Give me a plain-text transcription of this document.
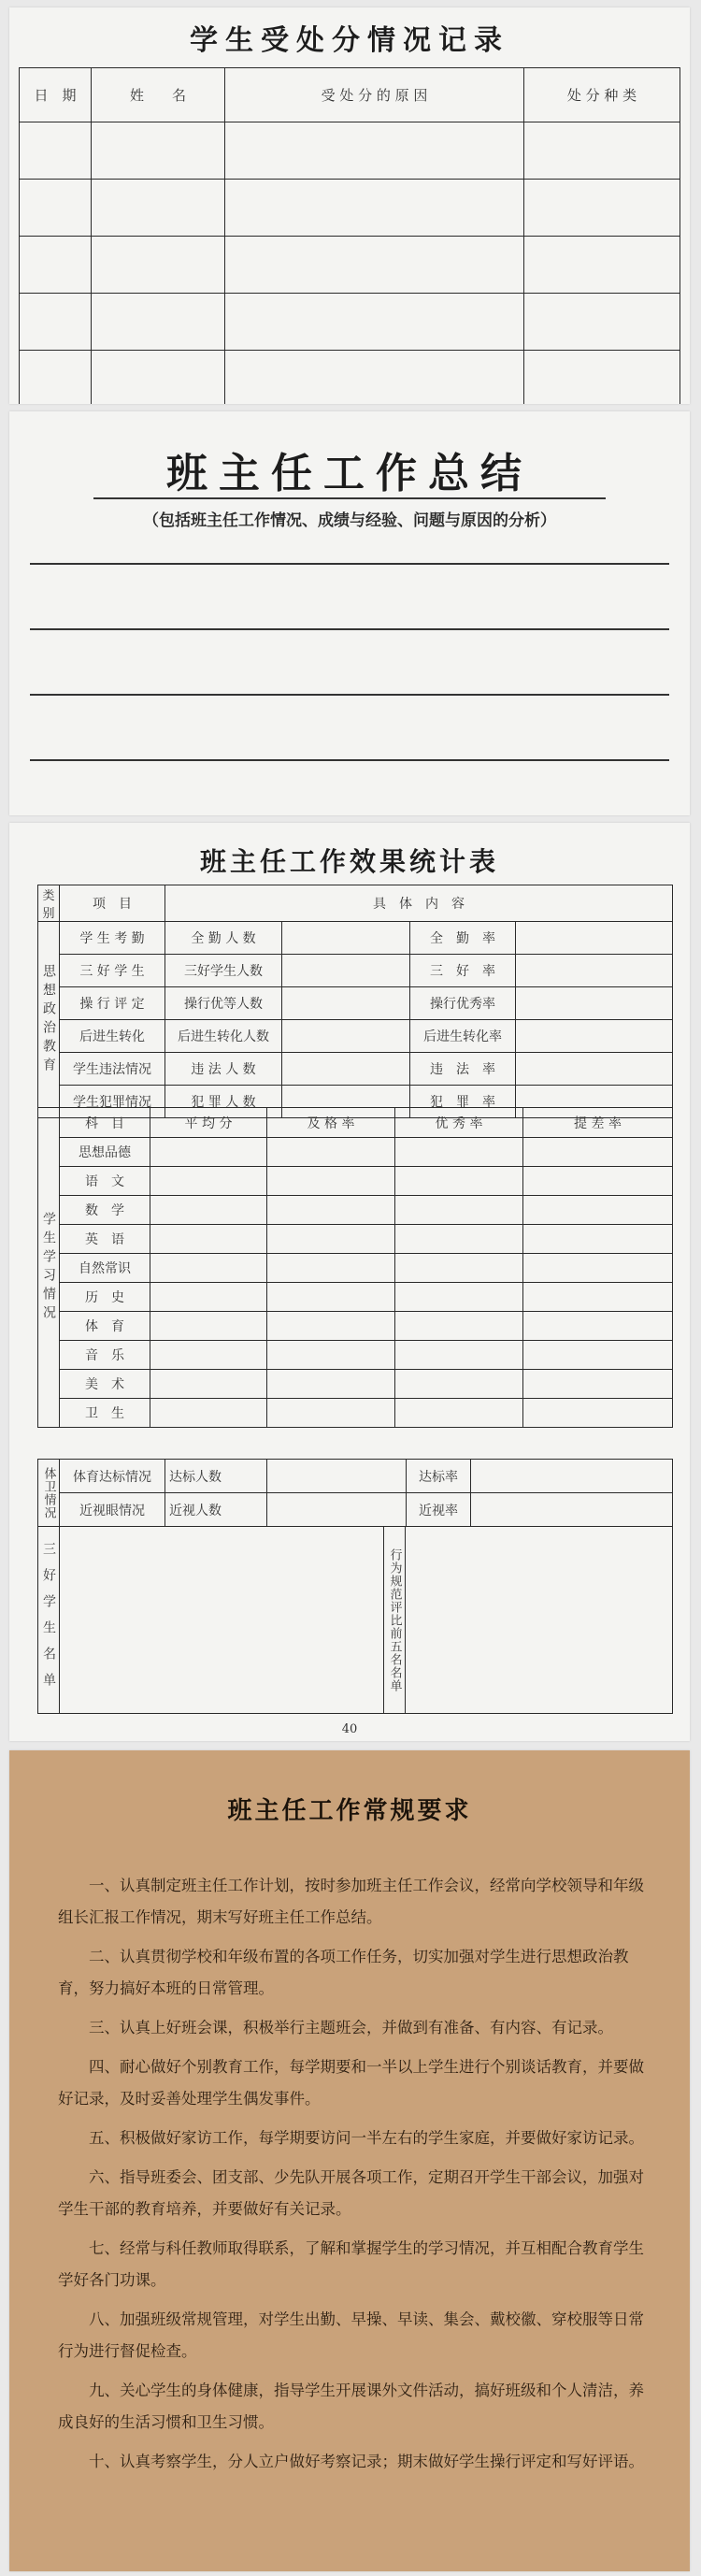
学生受处分情况记录
日　期	姓　　名	受 处 分 的 原 因	处 分 种 类

班主任工作总结
（包括班主任工作情况、成绩与经验、问题与原因的分析）
班主任工作效果统计表
类别	项　目	具　体　内　容			
思想政治教育	学 生 考 勤	全 勤 人 数		全　勤　率	
	三 好 学 生	三好学生人数		三　好　率	
	操 行 评 定	操行优等人数		操行优秀率	
	后进生转化	后进生转化人数		后进生转化率	
	学生违法情况	违 法 人 数		违　法　率	
	学生犯罪情况	犯 罪 人 数		犯　罪　率	
学生学习情况	科　目	平 均 分	及 格 率	优 秀 率	提 差 率
	思想品德				
	语　文				
	数　学				
	英　语				
	自然常识				
	历　史				
	体　育				
	音　乐				
	美　术				
	卫　生				
体卫情况	体育达标情况	达标人数		达标率	
	近视眼情况	近视人数		近视率	
三好学生名单		行为规范评比前五名名单	
40
班主任工作常规要求

一、认真制定班主任工作计划，按时参加班主任工作会议，经常向学校领导和年级组长汇报工作情况，期末写好班主任工作总结。

二、认真贯彻学校和年级布置的各项工作任务，切实加强对学生进行思想政治教育，努力搞好本班的日常管理。

三、认真上好班会课，积极举行主题班会，并做到有准备、有内容、有记录。

四、耐心做好个别教育工作，每学期要和一半以上学生进行个别谈话教育，并要做好记录，及时妥善处理学生偶发事件。

五、积极做好家访工作，每学期要访问一半左右的学生家庭，并要做好家访记录。

六、指导班委会、团支部、少先队开展各项工作，定期召开学生干部会议，加强对学生干部的教育培养，并要做好有关记录。

七、经常与科任教师取得联系，了解和掌握学生的学习情况，并互相配合教育学生学好各门功课。

八、加强班级常规管理，对学生出勤、早操、早读、集会、戴校徽、穿校服等日常行为进行督促检查。

九、关心学生的身体健康，指导学生开展课外文件活动，搞好班级和个人清洁，养成良好的生活习惯和卫生习惯。

十、认真考察学生，分人立户做好考察记录；期末做好学生操行评定和写好评语。
